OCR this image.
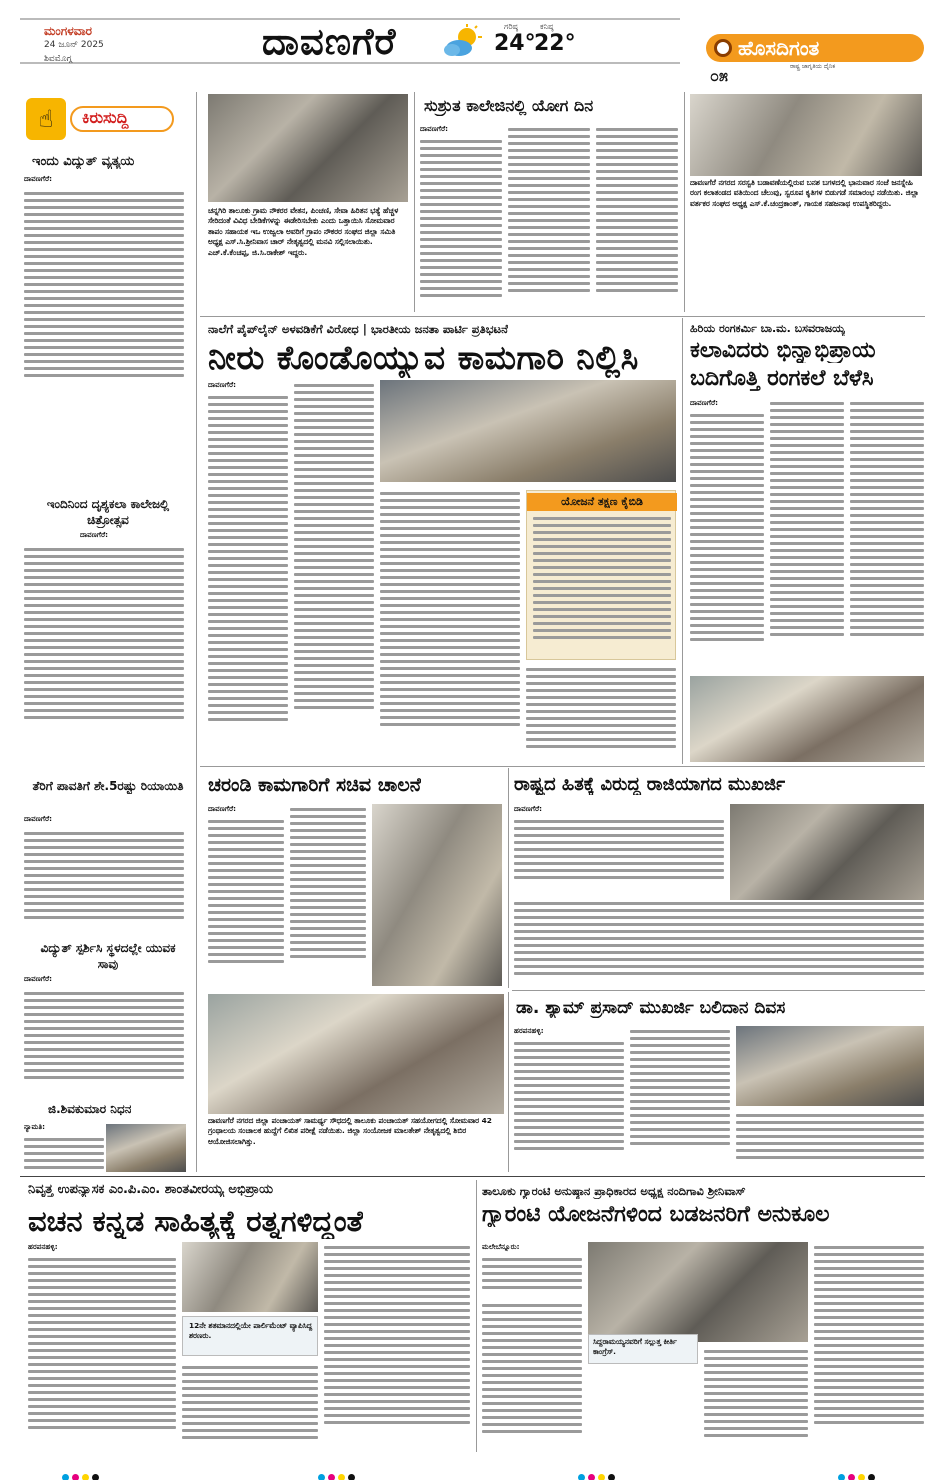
ಮಂಗಳವಾರ
24 ಜೂನ್ 2025
ಶಿವಮೊಗ್ಗ	ದಾವಣಗೆರೆ	ಗರಿಷ್ಠ
24°
ಕನಿಷ್ಠ
22°	ಹೊಸದಿಗಂತ
ರಾಷ್ಟ್ರ ಜಾಗೃತಿಯ ದೈನಿಕ
೦೫
☝	ಕಿರುಸುದ್ದಿ
ಇಂದು ವಿದ್ಯುತ್ ವ್ಯತ್ಯಯ
ದಾವಣಗೆರೆ:
ಇಂದಿನಿಂದ ದೃಶ್ಯಕಲಾ ಕಾಲೇಜಲ್ಲಿ ಚಿತ್ರೋತ್ಸವ
ದಾವಣಗೆರೆ:
ತೆರಿಗೆ ಪಾವತಿಗೆ ಶೇ.5ರಷ್ಟು ರಿಯಾಯಿತಿ
ದಾವಣಗೆರೆ:
ವಿದ್ಯುತ್ ಸ್ಪರ್ಶಿಸಿ ಸ್ಥಳದಲ್ಲೇ ಯುವಕ ಸಾವು
ದಾವಣಗೆರೆ:
ಜಿ.ಶಿವಕುಮಾರ ನಿಧನ
ನ್ಯಾಮತಿ:
ಚನ್ನಗಿರಿ ತಾಲೂಕು ಗ್ರಾಮ ನೌಕರರ ವೇತನ, ಪಿಂಚಣಿ, ಸೇವಾ ಹಿರಿತನ ಭತ್ಯೆ ಹೆಚ್ಚಳ ಸೇರಿದಂತೆ ವಿವಿಧ ಬೇಡಿಕೆಗಳನ್ನು ಈಡೇರಿಸಬೇಕು ಎಂದು ಒತ್ತಾಯಿಸಿ ಸೋಮವಾರ ತಾಪಂ ಸಹಾಯಕ ಇಒ ಉಜ್ವಲಾ ಅವರಿಗೆ ಗ್ರಾಪಂ ನೌಕರರ ಸಂಘದ ಜಿಲ್ಲಾ ಸಮಿತಿ ಅಧ್ಯಕ್ಷ ಎಸ್.ಸಿ.ಶ್ರೀನಿವಾಸ ಚಾರ್ ನೇತೃತ್ವದಲ್ಲಿ ಮನವಿ ಸಲ್ಲಿಸಲಾಯಿತು. ಎಚ್.ಕೆ.ಕೆಂಚಪ್ಪ, ಜಿ.ಸಿ.ರಾಕೇಶ್ ಇದ್ದರು.
ಸುಶ್ರುತ ಕಾಲೇಜಿನಲ್ಲಿ ಯೋಗ ದಿನ
ದಾವಣಗೆರೆ:
ದಾವಣಗೆರೆ ನಗರದ ಸರಸ್ವತಿ ಬಡಾವಣೆಯಲ್ಲಿರುವ ಬನಶ ಬಗಳದಲ್ಲಿ ಭಾನುವಾರ ಸಂಜೆ ಜನಸ್ನೇಹಿ ರಂಗ ಕಲಾತಂಡದ ವತಿಯಿಂದ ಚೆಲುವು, ಸ್ವರೂಪ ಕೃತಿಗಳ ಬಿಡುಗಡೆ ಸಮಾರಂಭ ನಡೆಯಿತು. ಜಿಲ್ಲಾ ವರ್ತಕರ ಸಂಘದ ಅಧ್ಯಕ್ಷ ಎಸ್.ಕೆ.ಚಂದ್ರಕಾಂತ್, ಗಾಯಕ ಸಹಜನಾಥ ಉಪಸ್ಥಿತರಿದ್ದರು.
ನಾಲೆಗೆ ಪೈಪ್‌ಲೈನ್ ಅಳವಡಿಕೆಗೆ ವಿರೋಧ | ಭಾರತೀಯ ಜನತಾ ಪಾರ್ಟಿ ಪ್ರತಿಭಟನೆ
ನೀರು ಕೊಂಡೊಯ್ಯುವ ಕಾಮಗಾರಿ ನಿಲ್ಲಿಸಿ
ದಾವಣಗೆರೆ:
ಯೋಜನೆ ತಕ್ಷಣ ಕೈಬಿಡಿ
ಹಿರಿಯ ರಂಗಕರ್ಮಿ ಬಾ.ಮ. ಬಸವರಾಜಯ್ಯ
ಕಲಾವಿದರು ಭಿನ್ನಾಭಿಪ್ರಾಯ
ಬದಿಗೊತ್ತಿ ರಂಗಕಲೆ ಬೆಳೆಸಿ
ದಾವಣಗೆರೆ:
ಚರಂಡಿ ಕಾಮಗಾರಿಗೆ ಸಚಿವ ಚಾಲನೆ
ದಾವಣಗೆರೆ:
ರಾಷ್ಟ್ರದ ಹಿತಕ್ಕೆ ವಿರುದ್ಧ ರಾಜಿಯಾಗದ ಮುಖರ್ಜಿ
ದಾವಣಗೆರೆ:
ದಾವಣಗೆರೆ ನಗರದ ಜಿಲ್ಲಾ ಪಂಚಾಯತ್ ಸಾಮರ್ಥ್ಯ ಸೌಧದಲ್ಲಿ ತಾಲೂಕು ಪಂಚಾಯತ್ ಸಹಯೋಗದಲ್ಲಿ ಸೋಮವಾರ 42 ಗ್ರಂಥಾಲಯ ಸಂಚಾಲಕ ಹುದ್ದೆಗೆ ಲಿಖಿತ ಪರೀಕ್ಷೆ ನಡೆಯಿತು. ಜಿಲ್ಲಾ ಸಂಯೋಜಕ ಮಾಲತೇಶ್ ನೇತೃತ್ವದಲ್ಲಿ ಶಿಬಿರ ಆಯೋಜಿಸಲಾಗಿತ್ತು.
ಡಾ. ಶ್ಯಾಮ್ ಪ್ರಸಾದ್ ಮುಖರ್ಜಿ ಬಲಿದಾನ ದಿವಸ
ಹರಪನಹಳ್ಳಿ:
ನಿವೃತ್ತ ಉಪನ್ಯಾಸಕ ಎಂ.ಪಿ.ಎಂ. ಶಾಂತವೀರಯ್ಯ ಅಭಿಪ್ರಾಯ
ವಚನ ಕನ್ನಡ ಸಾಹಿತ್ಯಕ್ಕೆ ರತ್ನಗಳಿದ್ದಂತೆ
ಹರಪನಹಳ್ಳಿ:
12ನೇ ಶತಮಾನದಲ್ಲಿಯೇ ಪಾರ್ಲಿಮೆಂಟ್ ವ್ಯಾಪಿಸಿದ್ದ ಶರಣರು.
ತಾಲೂಕು ಗ್ಯಾರಂಟಿ ಅನುಷ್ಠಾನ ಪ್ರಾಧಿಕಾರದ ಅಧ್ಯಕ್ಷ ನಂದಿಗಾವಿ ಶ್ರೀನಿವಾಸ್
ಗ್ಯಾರಂಟಿ ಯೋಜನೆಗಳಿಂದ ಬಡಜನರಿಗೆ ಅನುಕೂಲ
ಮಲೇಬೆನ್ನೂರು:
ಸಿದ್ದರಾಮಯ್ಯನವರಿಗೆ ಸಲ್ಲುತ್ತ ಕೀರ್ತಿ ಕಾಂಗ್ರೆಸ್.
